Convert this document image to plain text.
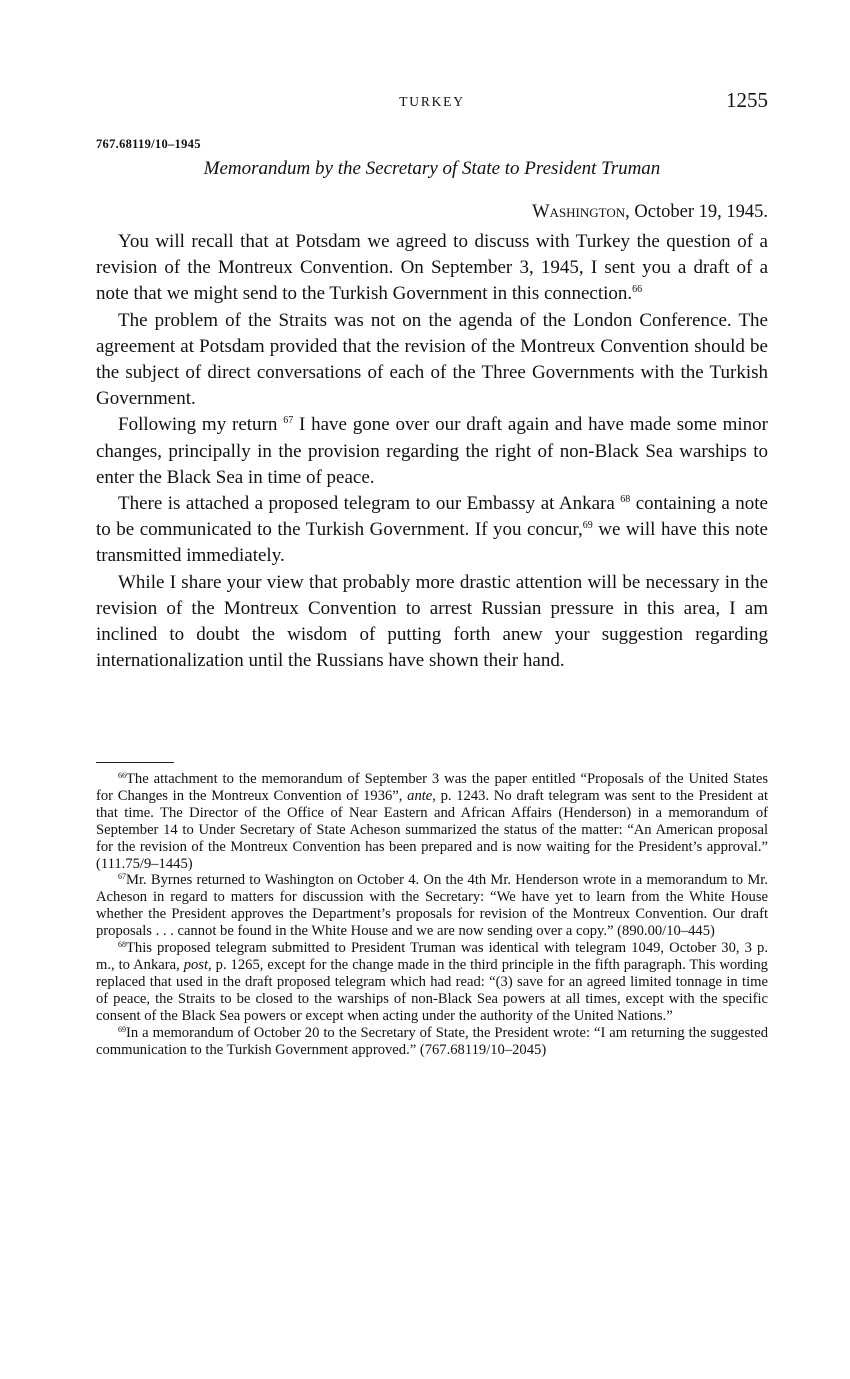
TURKEY	1255
767.68119/10–1945
Memorandum by the Secretary of State to President Truman
Washington, October 19, 1945.

You will recall that at Potsdam we agreed to discuss with Turkey the question of a revision of the Montreux Convention. On September 3, 1945, I sent you a draft of a note that we might send to the Turkish Government in this connection.$^{66}$

The problem of the Straits was not on the agenda of the London Conference. The agreement at Potsdam provided that the revision of the Montreux Convention should be the subject of direct conversations of each of the Three Governments with the Turkish Government.

Following my return $^{67}$ I have gone over our draft again and have made some minor changes, principally in the provision regarding the right of non-Black Sea warships to enter the Black Sea in time of peace.

There is attached a proposed telegram to our Embassy at Ankara $^{68}$ containing a note to be communicated to the Turkish Government. If you concur,$^{69}$ we will have this note transmitted immediately.

While I share your view that probably more drastic attention will be necessary in the revision of the Montreux Convention to arrest Russian pressure in this area, I am inclined to doubt the wisdom of putting forth anew your suggestion regarding internationalization until the Russians have shown their hand.

$^{66}$The attachment to the memorandum of September 3 was the paper entitled “Proposals of the United States for Changes in the Montreux Convention of 1936”, ante, p. 1243. No draft telegram was sent to the President at that time. The Director of the Office of Near Eastern and African Affairs (Henderson) in a memorandum of September 14 to Under Secretary of State Acheson summarized the status of the matter: “An American proposal for the revision of the Montreux Convention has been prepared and is now waiting for the President’s approval.” (111.75/9–1445)

$^{67}$Mr. Byrnes returned to Washington on October 4. On the 4th Mr. Henderson wrote in a memorandum to Mr. Acheson in regard to matters for discussion with the Secretary: “We have yet to learn from the White House whether the President approves the Department’s proposals for revision of the Montreux Convention. Our draft proposals . . . cannot be found in the White House and we are now sending over a copy.” (890.00/10–445)

$^{68}$This proposed telegram submitted to President Truman was identical with telegram 1049, October 30, 3 p. m., to Ankara, post, p. 1265, except for the change made in the third principle in the fifth paragraph. This wording replaced that used in the draft proposed telegram which had read: “(3) save for an agreed limited tonnage in time of peace, the Straits to be closed to the warships of non-Black Sea powers at all times, except with the specific consent of the Black Sea powers or except when acting under the authority of the United Nations.”

$^{69}$In a memorandum of October 20 to the Secretary of State, the President wrote: “I am returning the suggested communication to the Turkish Government approved.” (767.68119/10–2045)
